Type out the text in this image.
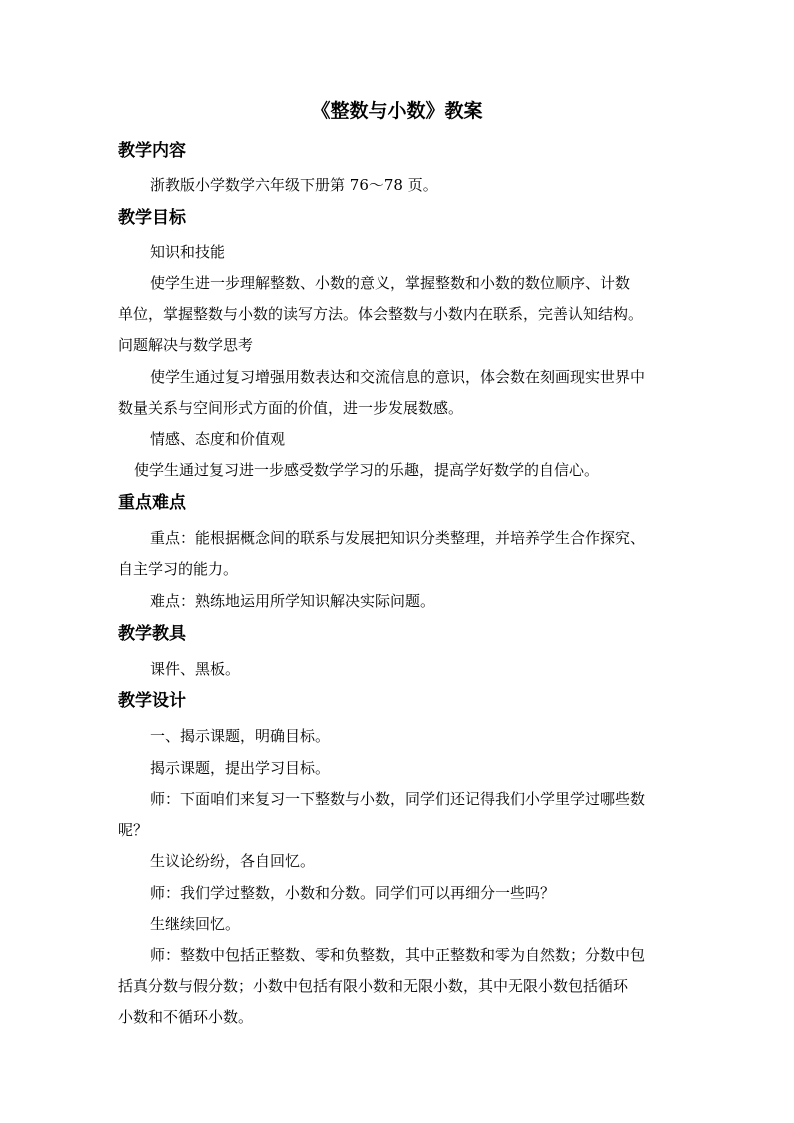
《整数与小数》教案
教学内容
浙教版小学数学六年级下册第 76～78 页。
教学目标
知识和技能
使学生进一步理解整数、小数的意义，掌握整数和小数的数位顺序、计数
单位，掌握整数与小数的读写方法。体会整数与小数内在联系，完善认知结构。
问题解决与数学思考
使学生通过复习增强用数表达和交流信息的意识，体会数在刻画现实世界中
数量关系与空间形式方面的价值，进一步发展数感。
情感、态度和价值观
使学生通过复习进一步感受数学学习的乐趣，提高学好数学的自信心。
重点难点
重点：能根据概念间的联系与发展把知识分类整理，并培养学生合作探究、
自主学习的能力。
难点：熟练地运用所学知识解决实际问题。
教学教具
课件、黑板。
教学设计
一、揭示课题，明确目标。
揭示课题，提出学习目标。
师：下面咱们来复习一下整数与小数，同学们还记得我们小学里学过哪些数
呢？
生议论纷纷，各自回忆。
师：我们学过整数，小数和分数。同学们可以再细分一些吗？
生继续回忆。
师：整数中包括正整数、零和负整数，其中正整数和零为自然数；分数中包
括真分数与假分数；小数中包括有限小数和无限小数，其中无限小数包括循环
小数和不循环小数。
